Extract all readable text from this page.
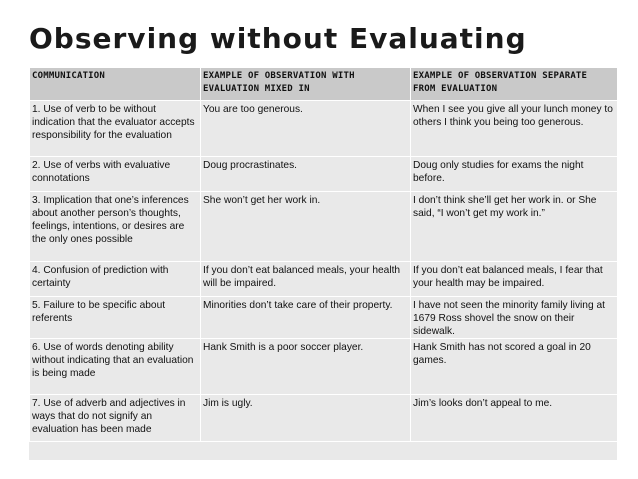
Observing without Evaluating
COMMUNICATION	EXAMPLE OF OBSERVATION WITH EVALUATION MIXED IN	EXAMPLE OF OBSERVATION SEPARATE FROM EVALUATION
1. Use of verb to be without indication that the evaluator accepts responsibility for the evaluation	You are too generous.	When I see you give all your lunch money to others I think you being too generous.
2. Use of verbs with evaluative connotations	Doug procrastinates.	Doug only studies for exams the night before.
3. Implication that one’s inferences about another person’s thoughts, feelings, intentions, or desires are the only ones possible	She won’t get her work in.	I don’t think she’ll get her work in. or She said, “I won’t get my work in.”
4. Confusion of prediction with certainty	If you don’t eat balanced meals, your health will be impaired.	If you don’t eat balanced meals, I fear that your health may be impaired.
5. Failure to be specific about referents	Minorities don’t take care of their property.	I have not seen the minority family living at 1679 Ross shovel the snow on their sidewalk.
6. Use of words denoting ability without indicating that an evaluation is being made	Hank Smith is a poor soccer player.	Hank Smith has not scored a goal in 20 games.
7. Use of adverb and adjectives in ways that do not signify an evaluation has been made	Jim is ugly.	Jim’s looks don’t appeal to me.
